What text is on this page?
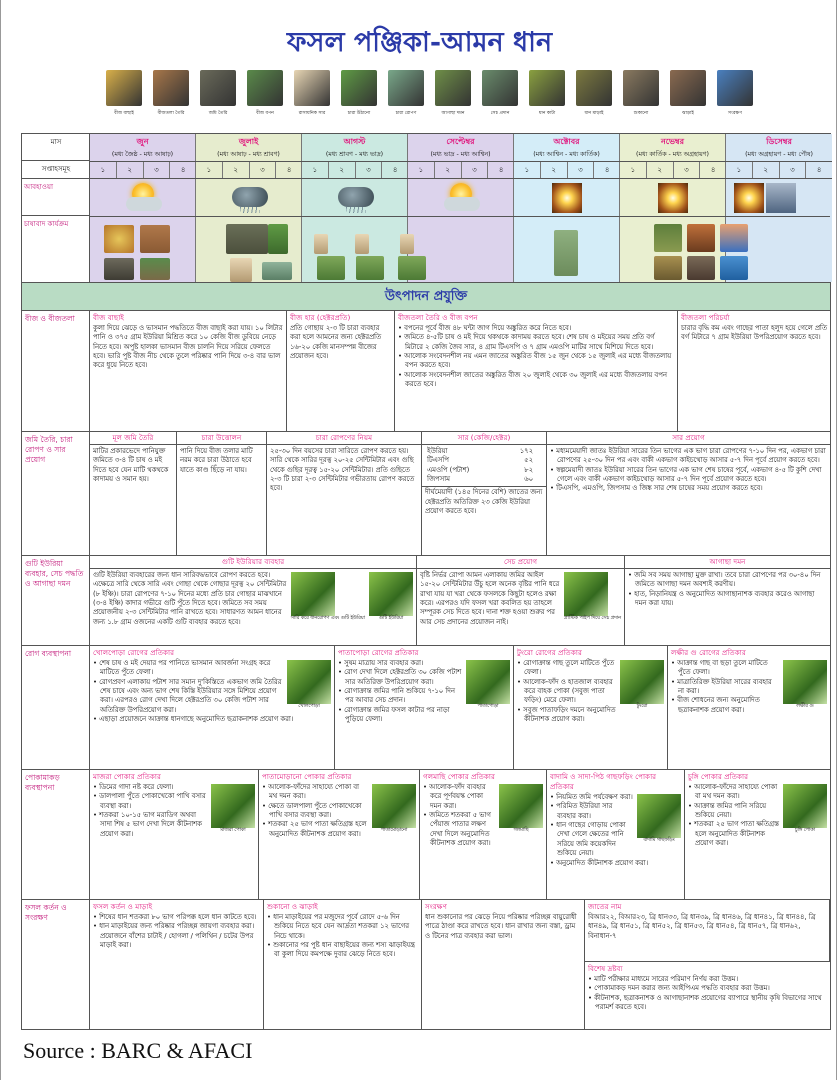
ফসল পঞ্জিকা-আমন ধান
বীজ বাছাই	বীজতলা তৈরি	জমি তৈরি	বীজ বপন	রাসায়নিক সার	চারা উঠানো	চারা রোপণ	আগাছা দমন	সেচ প্রদান	ধান কাটা	ধান মাড়াই	শুকানো	ঝাড়াই	সংরক্ষণ
জুন
(মধ্য জৈষ্ঠ - মধ্য আষাঢ়)
১	২	৩	৪
জুলাই
(মধ্য আষাঢ় - মধ্য শ্রাবণ)
১	২	৩	৪
আগস্ট
(মধ্য শ্রাবণ - মধ্য ভাদ্র)
১	২	৩	৪
সেপ্টেম্বর
(মধ্য ভাদ্র - মধ্য আশ্বিন)
১	২	৩	৪
অক্টোবর
(মধ্য আশ্বিন - মধ্য কার্তিক)
১	২	৩	৪
নভেম্বর
(মধ্য কার্তিক - মধ্য অগ্রহায়ণ)
১	২	৩	৪
ডিসেম্বর
(মধ্য অগ্রহায়ণ - মধ্য পৌষ)
১	২	৩	৪
মাস
সপ্তাহসমূহ
আবহাওয়া
চাষাবাদ কার্যক্রম
উৎপাদন প্রযুক্তি
বীজ ও বীজতলা	বীজ বাছাই

কুলা দিয়ে ঝেড়ে ও ভাসমান পদ্ধতিতে বীজ বাছাই করা যায়। ১০ লিটার পানি ও ৩৭৫ গ্রাম ইউরিয়া মিশ্রিত করে ১০ কেজি বীজ ডুবিয়ে নেড়ে নিতে হবে। অপুষ্ট হালকা ভাসমান বীজ চালনি দিয়ে সরিয়ে ফেলতে হবে। ভারি পুষ্ট বীজ নীচ থেকে তুলে পরিষ্কার পানি দিয়ে ৩-৪ বার ভাল করে ধুয়ে নিতে হবে।

বীজ হার (হেক্টরপ্রতি)

প্রতি গোছায় ২-৩ টি চারা ব্যবহার করা হলে আমনের জন্য হেক্টরপ্রতি ১৬-২০ কেজি মানসম্পন্ন বীজের প্রয়োজন হবে।

বীজতলা তৈরি ও বীজ বপন
• বপনের পূর্বে বীজ ৪৮ ঘন্টা জাগ দিয়ে অঙ্কুরিত করে নিতে হবে।
• জমিতে ৪-৫টি চাষ ও মই দিয়ে থকথকে কাদাময় করতে হবে। শেষ চাষ ও মইয়ের সময় প্রতি বর্গ মিটারে ২ কেজি জৈব সার, ৪ গ্রাম টিএসপি ও ৭ গ্রাম এমওপি মাটির সাথে মিশিয়ে দিতে হবে।
• আলোক সংবেদনশীল নয় এমন জাতের অঙ্কুরিত বীজ ১৫ জুন থেকে ১৫ জুলাই এর মধ্যে বীজতলায় বপন করতে হবে।
• আলোক সংবেদনশীল জাতের অঙ্কুরিত বীজ ২০ জুলাই থেকে ৩০ জুলাই এর মধ্যে বীজতলায় বপন করতে হবে।
বীজতলা পরিচর্যা

চারার বৃদ্ধি কম এবং গাছের পাতা হলুদ হয়ে গেলে প্রতি বর্গ মিটারে ৭ গ্রাম ইউরিয়া উপরিপ্রয়োগ করতে হবে।

জমি তৈরি, চারা রোপণ ও সার প্রয়োগ
মূল জমি তৈরি

মাটির প্রকারভেদে পানিযুক্ত জমিতে ৩-৪ টি চাষ ও মই দিতে হবে যেন মাটি থকথকে কাদাময় ও সমান হয়।

চারা উত্তোলন

পানি দিয়ে বীজ তলার মাটি নরম করে চারা উঠাতে হবে যাতে কাণ্ড ছিঁড়ে না যায়।

চারা রোপণের নিয়ম

২৫-৩০ দিন বয়সের চারা সারিতে রোপণ করতে হয়। সারি থেকে সারির দূরত্ব ২০-২৫ সেন্টিমিটার এবং গুছি থেকে গুছির দূরত্ব ১৫-২০ সেন্টিমিটার। প্রতি গুছিতে ২-৩ টি চারা ২-৩ সেন্টিমিটার গভীরতায় রোপণ করতে হবে।

সার (কেজি/হেক্টর)
ইউরিয়া	১৭২
টিএসপি	৫২
এমওপি (পটাশ)	৮২
জিপসাম	৬০
দীর্ঘমেয়াদী (১৪৫ দিনের বেশি) জাতের জন্য হেক্টরপ্রতি অতিরিক্ত ২৩ কেজি ইউরিয়া প্রয়োগ করতে হবে।
সার প্রয়োগ
• মধ্যমমেয়াদী জাতঃ ইউরিয়া সারের তিন ভাগের এক ভাগ চারা রোপণের ৭-১০ দিন পর, একভাগ চারা রোপণের ২৫-৩০ দিন পর এবং বাকী একভাগ কাইচথোড় আসার ৫-৭ দিন পূর্বে প্রয়োগ করতে হবে।
• স্বল্পমেয়াদী জাতঃ ইউরিয়া সারের তিন ভাগের এক ভাগ শেষ চাষের পূর্বে, একভাগ ৪-৫ টি কুশি দেখা গেলে এবং বাকী একভাগ কাইচথোড় আসার ৫-৭ দিন পূর্বে প্রয়োগ করতে হবে।
• টিএসপি, এমওপি, জিপসাম ও জিঙ্ক সার শেষ চাষের সময় প্রয়োগ করতে হবে।
গুটি ইউরিয়া ব্যবহার, সেচ পদ্ধতি ও আগাছা দমন
গুটি ইউরিয়ার ব্যবহার
গুটি ইউরিয়া
সারি করে ধানরোপণ এবং গুটি ইউরিয়া

গুটি ইউরিয়া ব্যবহারের জন্য ধান সারিবদ্ধভাবে রোপণ করতে হবে। এক্ষেত্রে সারি থেকে সারি এবং গোছা থেকে গোছার দূরত্ব ২০ সেন্টিমিটার (৮ ইঞ্চি)। চারা রোপণের ৭-১০ দিনের মধ্যে প্রতি চার গোছার মাঝখানে (৩-৪ ইঞ্চি) কাদার গভীরে গুটি পুঁতে দিতে হবে। জমিতে সব সময় প্রয়োজনীয় ২-৩ সেন্টিমিটার পানি রাখতে হবে। সাধারণত আমন ধানের জন্য ১.৮ গ্রাম ওজনের একটি গুটি ব্যবহার করতে হবে।

সেচ প্রয়োগ
প্লাস্টিক পাইপ দিয়ে সেচ প্রদান

বৃষ্টি নির্ভর রোপা আমন এলাকায় জমির আইল ১৫-২০ সেন্টিমিটার উঁচু হলে অনেক বৃষ্টির পানি ধরে রাখা যায় যা খরা থেকে ফসলকে কিছুটা হলেও রক্ষা করে। এরপরও যদি ফসল খরা কবলিত হয় তাহলে সম্পূরক সেচ দিতে হবে। দানা শক্ত হওয়া শুরুর পর আর সেচ প্রদানের প্রয়োজন নাই।

আগাছা দমন
• জমি সব সময় আগাছা মুক্ত রাখা। তবে চারা রোপণের পর ৩০-৪০ দিন জমিতে আগাছা দমন অবশ্যই করণীয়।
• হাত, নিড়ানিযন্ত্র ও অনুমোদিত আগাছানাশক ব্যবহার করেও আগাছা দমন করা যায়।
রোগ ব্যবস্থাপনা	খোলপোড়া রোগের প্রতিকার
খোলপোড়া
• শেষ চাষ ও মই দেয়ার পর পানিতে ভাসমান আবর্জনা সংগ্রহ করে মাটিতে পুঁতে ফেলা।
• রোগপ্রবণ এলাকায় পটাশ সার সমান দু'কিস্তিতে একভাগ জমি তৈরির শেষ চাষে এবং অন্য ভাগ শেষ কিস্তি ইউরিয়ার সঙ্গে মিশিয়ে প্রয়োগ করা। এরপরও রোগ দেখা দিলে হেক্টরপ্রতি ৩০ কেজি পটাশ সার অতিরিক্ত উপরিপ্রয়োগ করা।
• এছাড়া প্রয়োজনে আক্রান্ত ধানগাছে অনুমোদিত ছত্রাকনাশক প্রয়োগ করা।
পাতাপোড়া রোগের প্রতিকার
পাতাপোড়া
• সুষম মাত্রায় সার ব্যবহার করা।
• রোগ দেখা দিলে হেক্টরপ্রতি ৩০ কেজি পটাশ সার অতিরিক্ত উপরিপ্রয়োগ করা।
• রোগাক্রান্ত জমির পানি শুকিয়ে ৭-১০ দিন পর আবার সেচ প্রদান।
• রোগাক্রান্ত জমির ফসল কাটার পর নাড়া পুড়িয়ে ফেলা।
টুংরো রোগের প্রতিকার
টুংরো
• রোগাক্রান্ত গাছ তুলে মাটিতে পুঁতে ফেলা।
• আলোক-ফাঁদ ও হাতজাল ব্যবহার করে বাহক পোকা (সবুজ পাতা ফড়িং) মেরে ফেলা।
• সবুজ পাতাফড়িং দমনে অনুমোদিত কীটনাশক প্রয়োগ করা।
লক্ষীর গু রোগের প্রতিকার
লক্ষীর গু
• আক্রান্ত গাছ বা ছড়া তুলে মাটিতে পুঁতে ফেলা।
• মাত্রাতিরিক্ত ইউরিয়া সারের ব্যবহার না করা।
• বীজ শোধনের জন্য অনুমোদিত ছত্রাকনাশক প্রয়োগ করা।
পোকামাকড় ব্যবস্থাপনা
মাজরা পোকার প্রতিকার
মাজরা পোকা
• ডিমের গাদা নষ্ট করে ফেলা।
• ডালপালা পুঁতে পোকাখেকো পাখি বসার ব্যবস্থা করা।
• শতকরা ১০-১৫ ভাগ মরাডিগ অথবা সাদা শিষ ৫ ভাগ দেখা দিলে কীটনাশক প্রয়োগ করা।
পাতামোড়ানো পোকার প্রতিকার
পাতামোড়ানো
• আলোক-ফাঁদের সাহায্যে পোকা বা মথ দমন করা।
• ক্ষেতে ডালপালা পুঁতে পোকাখেকো পাখি বসার ব্যবস্থা করা।
• শতকরা ২৫ ভাগ পাতা ক্ষতিগ্রস্ত হলে অনুমোদিত কীটনাশক প্রয়োগ করা।
গলমাছি পোকার প্রতিকার
গলমাছি
• আলোক-ফাঁদ ব্যবহার করে পূর্ণবয়স্ক পোকা দমন করা।
• জমিতে শতকরা ৫ ভাগ পেঁয়াজ পাতার লক্ষণ দেখা দিলে অনুমোদিত কীটনাশক প্রয়োগ করা।
বাদামি ও সাদা-পিঠ গাছফড়িং পোকার প্রতিকার
বাদামি গাছফড়িং
• নিয়মিত জমি পর্যবেক্ষণ করা।
• পরিমিত ইউরিয়া সার ব্যবহার করা।
• ধান গাছের গোড়ায় পোকা দেখা গেলে ক্ষেতের পানি সরিয়ে জমি কয়েকদিন শুকিয়ে নেয়া।
• অনুমোদিত কীটনাশক প্রয়োগ করা।
চুঙ্গি পোকার প্রতিকার
চুঙ্গি পোকা
• আলোক-ফাঁদের সাহায্যে পোকা বা মথ দমন করা।
• আক্রান্ত জমির পানি সরিয়ে শুকিয়ে নেয়া।
• শতকরা ২৫ ভাগ পাতা ক্ষতিগ্রস্ত হলে অনুমোদিত কীটনাশক প্রয়োগ করা।
ফসল কর্তন ও সংরক্ষণ
ফসল কর্তন ও মাড়াই
• শিষের ধান শতকরা ৮০ ভাগ পরিপক্ক হলে ধান কাটতে হবে।
• ধান মাড়াইয়ের জন্য পরিষ্কার পরিচ্ছন্ন জায়গা ব্যবহার করা। প্রয়োজনে বাঁশের চাটাই / হোগলা / পলিথিন / চটের উপর মাড়াই করা।
শুকানো ও ঝাড়াই
• ধান মাড়াইয়ের পর মজুদের পূর্বে রোদে ৫-৬ দিন শুকিয়ে নিতে হবে যেন আর্দ্রতা শতকরা ১২ ভাগের নিচে থাকে।
• শুকানোর পর পুষ্ট ধান বাছাইয়ের জন্য শস্য ঝাড়াইযন্ত্র বা কুলা দিয়ে কমপক্ষে দুবার ঝেড়ে নিতে হবে।
সংরক্ষণ

ধান শুকানোর পর ঝেড়ে নিয়ে পরিষ্কার পরিচ্ছন্ন বায়ুরোধী পাত্রে ঠাণ্ডা করে রাখতে হবে। ধান রাখার জন্য বস্তা, ড্রাম ও টিনের পাত্র ব্যবহার করা ভাল।

জাতের নাম

বিআর২২, বিআর২৩, ব্রি ধান৩৩, ব্রি ধান৩৯, ব্রি ধান৪৬, ব্রি ধান৪১, ব্রি ধান৪৪, ব্রি ধান৪৯, ব্রি ধান৫১, ব্রি ধান৫২, ব্রি ধান৫৩, ব্রি ধান৫৪, ব্রি ধান৫৭, ব্রি ধান৬২, বিনাধান-৭

বিশেষ দ্রষ্টব্য
• মাটি পরীক্ষার মাধ্যমে সারের পরিমাণ নির্ণয় করা উত্তম।
• পোকামাকড় দমন করার জন্য আইপিএম পদ্ধতি ব্যবহার করা উত্তম।
• কীটনাশক, ছত্রাকনাশক ও আগাছানাশক প্রয়োগের ব্যাপারে স্থানীয় কৃষি বিভাগের সাথে পরামর্শ করতে হবে।
Source : BARC & AFACI
